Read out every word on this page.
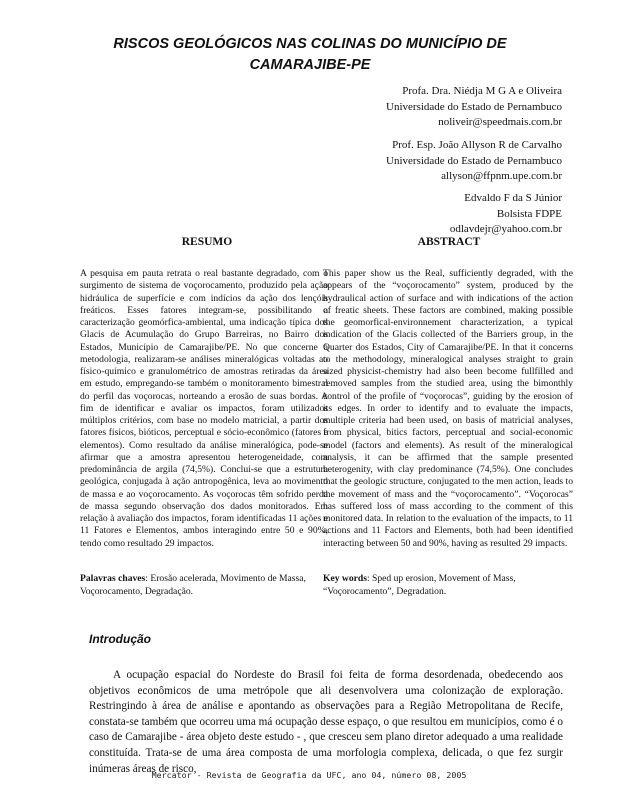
RISCOS GEOLÓGICOS NAS COLINAS DO MUNICÍPIO DE CAMARAJIBE-PE
Profa. Dra. Niédja M G A e Oliveira
Universidade do Estado de Pernambuco
noliveir@speedmais.com.br
Prof. Esp. João Allyson R de Carvalho
Universidade do Estado de Pernambuco
allyson@ffpnm.upe.com.br
Edvaldo F da S Júnior
Bolsista FDPE
odlavdejr@yahoo.com.br
RESUMO	ABSTRACT
A pesquisa em pauta retrata o real bastante degradado, com o surgimento de sistema de voçorocamento, produzido pela ação hidráulica de superfície e com indícios da ação dos lençóis freáticos. Esses fatores integram-se, possibilitando a caracterização geomórfica-ambiental, uma indicação típica dos Glacis de Acumulação do Grupo Barreiras, no Bairro dos Estados, Município de Camarajibe/PE. No que concerne à metodologia, realizaram-se análises mineralógicas voltadas ao físico-químico e granulométrico de amostras retiradas da área em estudo, empregando-se também o monitoramento bimestral do perfil das voçorocas, norteando a erosão de suas bordas. A fim de identificar e avaliar os impactos, foram utilizados múltiplos critérios, com base no modelo matricial, a partir dos fatores físicos, bióticos, perceptual e sócio-econômico (fatores e elementos). Como resultado da análise mineralógica, pode-se afirmar que a amostra apresentou heterogeneidade, com predominância de argila (74,5%). Conclui-se que a estrutura geológica, conjugada à ação antropogênica, leva ao movimento de massa e ao voçorocamento. As voçorocas têm sofrido perda de massa segundo observação dos dados monitorados. Em relação à avaliação dos impactos, foram identificadas 11 ações e 11 Fatores e Elementos, ambos interagindo entre 50 e 90%, tendo como resultado 29 impactos.
This paper show us the Real, sufficiently degraded, with the appears of the “voçorocamento” system, produced by the hydraulical action of surface and with indications of the action of freatic sheets. These factors are combined, making possible the geomorfical-environnement characterization, a typical indication of the Glacis collected of the Barriers group, in the Quarter dos Estados, City of Camarajibe/PE. In that it concerns to the methodology, mineralogical analyses straight to grain sized physicist-chemistry had also been become fullfilled and removed samples from the studied area, using the bimonthly control of the profile of “voçorocas”, guiding by the erosion of its edges. In order to identify and to evaluate the impacts, multiple criteria had been used, on basis of matricial analyses, from physical, bitics factors, perceptual and social-economic model (factors and elements). As result of the mineralogical analysis, it can be affirmed that the sample presented heterogenity, with clay predominance (74,5%). One concludes that the geologic structure, conjugated to the men action, leads to the movement of mass and the “voçorocamento”. “Voçorocas” has suffered loss of mass according to the comment of this monitored data. In relation to the evaluation of the impacts, to 11 actions and 11 Factors and Elements, both had been identified interacting between 50 and 90%, having as resulted 29 impacts.
Palavras chaves: Erosão acelerada, Movimento de Massa, Voçorocamento, Degradação.
Key words: Sped up erosion, Movement of Mass, “Voçorocamento”, Degradation.
Introdução
A ocupação espacial do Nordeste do Brasil foi feita de forma desordenada, obedecendo aos objetivos econômicos de uma metrópole que ali desenvolvera uma colonização de exploração. Restringindo à área de análise e apontando as observações para a Região Metropolitana de Recife, constata-se também que ocorreu uma má ocupação desse espaço, o que resultou em municípios, como é o caso de Camarajibe - área objeto deste estudo - , que cresceu sem plano diretor adequado a uma realidade constituída. Trata-se de uma área composta de uma morfologia complexa, delicada, o que fez surgir inúmeras áreas de risco,
Mercator - Revista de Geografia da UFC, ano 04, número 08, 2005
